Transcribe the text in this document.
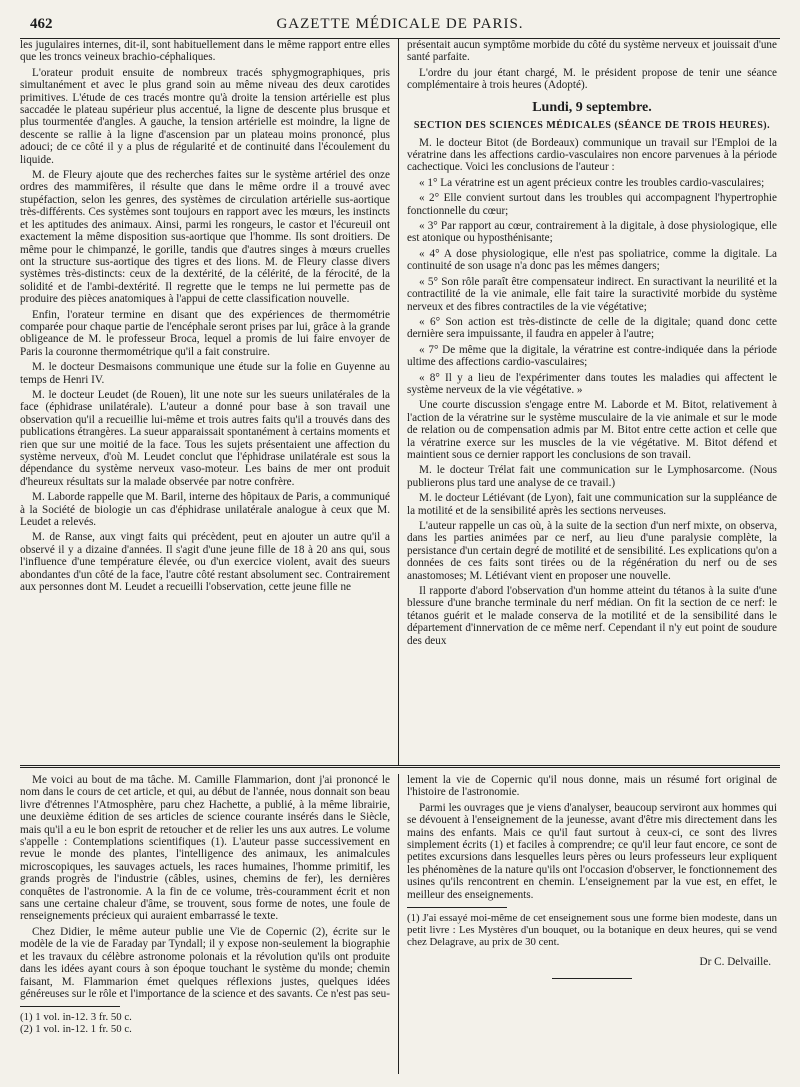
462	GAZETTE MÉDICALE DE PARIS.

les jugulaires internes, dit-il, sont habituellement dans le même rapport entre elles que les troncs veineux brachio-céphaliques.

L'orateur produit ensuite de nombreux tracés sphygmographiques, pris simultanément et avec le plus grand soin au même niveau des deux carotides primitives. L'étude de ces tracés montre qu'à droite la tension artérielle est plus saccadée le plateau supérieur plus accentué, la ligne de descente plus brusque et plus tourmentée d'angles. A gauche, la tension artérielle est moindre, la ligne de descente se rallie à la ligne d'ascension par un plateau moins prononcé, plus adouci; de ce côté il y a plus de régularité et de continuité dans l'écoulement du liquide.

M. de Fleury ajoute que des recherches faites sur le système artériel des onze ordres des mammifères, il résulte que dans le même ordre il a trouvé avec stupéfaction, selon les genres, des systèmes de circulation artérielle sus-aortique très-différents. Ces systèmes sont toujours en rapport avec les mœurs, les instincts et les aptitudes des animaux. Ainsi, parmi les rongeurs, le castor et l'écureuil ont exactement la même disposition sus-aortique que l'homme. Ils sont droitiers. De même pour le chimpanzé, le gorille, tandis que d'autres singes à mœurs cruelles ont la structure sus-aortique des tigres et des lions. M. de Fleury classe divers systèmes très-distincts: ceux de la dextérité, de la célérité, de la férocité, de la solidité et de l'ambi-dextérité. Il regrette que le temps ne lui permette pas de produire des pièces anatomiques à l'appui de cette classification nouvelle.

Enfin, l'orateur termine en disant que des expériences de thermométrie comparée pour chaque partie de l'encéphale seront prises par lui, grâce à la grande obligeance de M. le professeur Broca, lequel a promis de lui faire envoyer de Paris la couronne thermométrique qu'il a fait construire.

M. le docteur Desmaisons communique une étude sur la folie en Guyenne au temps de Henri IV.

M. le docteur Leudet (de Rouen), lit une note sur les sueurs unilatérales de la face (éphidrase unilatérale). L'auteur a donné pour base à son travail une observation qu'il a recueillie lui-même et trois autres faits qu'il a trouvés dans des publications étrangères. La sueur apparaissait spontanément à certains moments et rien que sur une moitié de la face. Tous les sujets présentaient une affection du système nerveux, d'où M. Leudet conclut que l'éphidrase unilatérale est sous la dépendance du système nerveux vaso-moteur. Les bains de mer ont produit d'heureux résultats sur la malade observée par notre confrère.

M. Laborde rappelle que M. Baril, interne des hôpitaux de Paris, a communiqué à la Société de biologie un cas d'éphidrase unilatérale analogue à ceux que M. Leudet a relevés.

M. de Ranse, aux vingt faits qui précèdent, peut en ajouter un autre qu'il a observé il y a dizaine d'années. Il s'agit d'une jeune fille de 18 à 20 ans qui, sous l'influence d'une température élevée, ou d'un exercice violent, avait des sueurs abondantes d'un côté de la face, l'autre côté restant absolument sec. Contrairement aux personnes dont M. Leudet a recueilli l'observation, cette jeune fille ne

présentait aucun symptôme morbide du côté du système nerveux et jouissait d'une santé parfaite.

L'ordre du jour étant chargé, M. le président propose de tenir une séance complémentaire à trois heures (Adopté).

Lundi, 9 septembre.
SECTION DES SCIENCES MÉDICALES (SÉANCE DE TROIS HEURES).

M. le docteur Bitot (de Bordeaux) communique un travail sur l'Emploi de la vératrine dans les affections cardio-vasculaires non encore parvenues à la période cachectique. Voici les conclusions de l'auteur :

« 1° La vératrine est un agent précieux contre les troubles cardio-vasculaires;

« 2° Elle convient surtout dans les troubles qui accompagnent l'hypertrophie fonctionnelle du cœur;

« 3° Par rapport au cœur, contrairement à la digitale, à dose physiologique, elle est atonique ou hyposthénisante;

« 4° A dose physiologique, elle n'est pas spoliatrice, comme la digitale. La continuité de son usage n'a donc pas les mêmes dangers;

« 5° Son rôle paraît être compensateur indirect. En suractivant la neurilité et la contractilité de la vie animale, elle fait taire la suractivité morbide du système nerveux et des fibres contractiles de la vie végétative;

« 6° Son action est très-distincte de celle de la digitale; quand donc cette dernière sera impuissante, il faudra en appeler à l'autre;

« 7° De même que la digitale, la vératrine est contre-indiquée dans la période ultime des affections cardio-vasculaires;

« 8° Il y a lieu de l'expérimenter dans toutes les maladies qui affectent le système nerveux de la vie végétative. »

Une courte discussion s'engage entre M. Laborde et M. Bitot, relativement à l'action de la vératrine sur le système musculaire de la vie animale et sur le mode de relation ou de compensation admis par M. Bitot entre cette action et celle que la vératrine exerce sur les muscles de la vie végétative. M. Bitot défend et maintient sous ce dernier rapport les conclusions de son travail.

M. le docteur Trélat fait une communication sur le Lymphosarcome. (Nous publierons plus tard une analyse de ce travail.)

M. le docteur Létiévant (de Lyon), fait une communication sur la suppléance de la motilité et de la sensibilité après les sections nerveuses.

L'auteur rappelle un cas où, à la suite de la section d'un nerf mixte, on observa, dans les parties animées par ce nerf, au lieu d'une paralysie complète, la persistance d'un certain degré de motilité et de sensibilité. Les explications qu'on a données de ces faits sont tirées ou de la régénération du nerf ou de ses anastomoses; M. Létiévant vient en proposer une nouvelle.

Il rapporte d'abord l'observation d'un homme atteint du tétanos à la suite d'une blessure d'une branche terminale du nerf médian. On fit la section de ce nerf: le tétanos guérit et le malade conserva de la motilité et de la sensibilité dans le département d'innervation de ce même nerf. Cependant il n'y eut point de soudure des deux

Me voici au bout de ma tâche. M. Camille Flammarion, dont j'ai prononcé le nom dans le cours de cet article, et qui, au début de l'année, nous donnait son beau livre d'étrennes l'Atmosphère, paru chez Hachette, a publié, à la même librairie, une deuxième édition de ses articles de science courante insérés dans le Siècle, mais qu'il a eu le bon esprit de retoucher et de relier les uns aux autres. Le volume s'appelle : Contemplations scientifiques (1). L'auteur passe successivement en revue le monde des plantes, l'intelligence des animaux, les animalcules microscopiques, les sauvages actuels, les races humaines, l'homme primitif, les grands progrès de l'industrie (câbles, usines, chemins de fer), les dernières conquêtes de l'astronomie. A la fin de ce volume, très-couramment écrit et non sans une certaine chaleur d'âme, se trouvent, sous forme de notes, une foule de renseignements précieux qui auraient embarrassé le texte.

Chez Didier, le même auteur publie une Vie de Copernic (2), écrite sur le modèle de la vie de Faraday par Tyndall; il y expose non-seulement la biographie et les travaux du célèbre astronome polonais et la révolution qu'ils ont produite dans les idées ayant cours à son époque touchant le système du monde; chemin faisant, M. Flammarion émet quelques réflexions justes, quelques idées généreuses sur le rôle et l'importance de la science et des savants. Ce n'est pas seu-

(1) 1 vol. in-12. 3 fr. 50 c.

(2) 1 vol. in-12. 1 fr. 50 c.

lement la vie de Copernic qu'il nous donne, mais un résumé fort original de l'histoire de l'astronomie.

Parmi les ouvrages que je viens d'analyser, beaucoup serviront aux hommes qui se dévouent à l'enseignement de la jeunesse, avant d'être mis directement dans les mains des enfants. Mais ce qu'il faut surtout à ceux-ci, ce sont des livres simplement écrits (1) et faciles à comprendre; ce qu'il leur faut encore, ce sont de petites excursions dans lesquelles leurs pères ou leurs professeurs leur expliquent les phénomènes de la nature qu'ils ont l'occasion d'observer, le fonctionnement des usines qu'ils rencontrent en chemin. L'enseignement par la vue est, en effet, le meilleur des enseignements.

(1) J'ai essayé moi-même de cet enseignement sous une forme bien modeste, dans un petit livre : Les Mystères d'un bouquet, ou la botanique en deux heures, qui se vend chez Delagrave, au prix de 30 cent.

Dr C. Delvaille.
